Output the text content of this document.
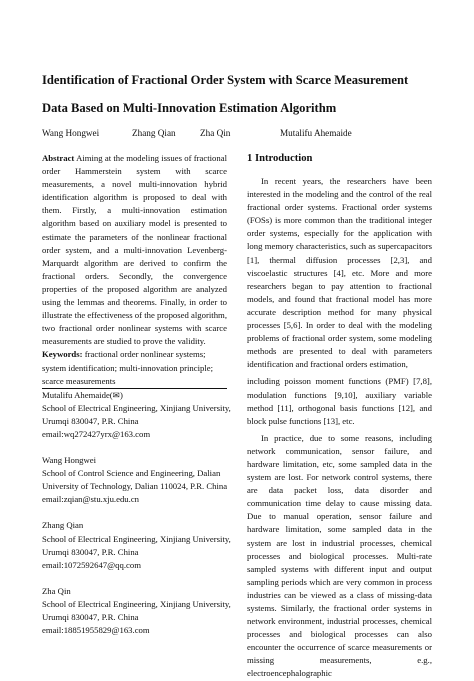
Identification of Fractional Order System with Scarce Measurement Data Based on Multi-Innovation Estimation Algorithm
Wang Hongwei	Zhang Qian	Zha Qin	Mutalifu Ahemaide

Abstract Aiming at the modeling issues of fractional order Hammerstein system with scarce measurements, a novel multi-innovation hybrid identification algorithm is proposed to deal with them. Firstly, a multi-innovation estimation algorithm based on auxiliary model is presented to estimate the parameters of the nonlinear fractional order system, and a multi-innovation Levenberg-Marquardt algorithm are derived to confirm the fractional orders. Secondly, the convergence properties of the proposed algorithm are analyzed using the lemmas and theorems. Finally, in order to illustrate the effectiveness of the proposed algorithm, two fractional order nonlinear systems with scarce measurements are studied to prove the validity.

Keywords: fractional order nonlinear systems; system identification; multi-innovation principle; scarce measurements
Mutalifu Ahemaide(✉)
School of Electrical Engineering, Xinjiang University,
Urumqi 830047, P.R. China
email:wq272427yrx@163.com
Wang Hongwei
School of Control Science and Engineering, Dalian
University of Technology, Dalian 110024, P.R. China
email:zqian@stu.xju.edu.cn
Zhang Qian
School of Electrical Engineering, Xinjiang University,
Urumqi 830047, P.R. China
email:1072592647@qq.com
Zha Qin
School of Electrical Engineering, Xinjiang University,
Urumqi 830047, P.R. China
email:18851955829@163.com
1 Introduction

In recent years, the researchers have been interested in the modeling and the control of the real fractional order systems. Fractional order systems (FOSs) is more common than the traditional integer order systems, especially for the application with long memory characteristics, such as supercapacitors [1], thermal diffusion processes [2,3], and viscoelastic structures [4], etc. More and more researchers began to pay attention to fractional models, and found that fractional model has more accurate description method for many physical processes [5,6]. In order to deal with the modeling problems of fractional order system, some modeling methods are presented to deal with parameters identification and fractional orders estimation,

including poisson moment functions (PMF) [7,8], modulation functions [9,10], auxiliary variable method [11], orthogonal basis functions [12], and block pulse functions [13], etc.

In practice, due to some reasons, including network communication, sensor failure, and hardware limitation, etc, some sampled data in the system are lost. For network control systems, there are data packet loss, data disorder and communication time delay to cause missing data. Due to manual operation, sensor failure and hardware limitation, some sampled data in the system are lost in industrial processes, chemical processes and biological processes. Multi-rate sampled systems with different input and output sampling periods which are very common in process industries can be viewed as a class of missing-data systems. Similarly, the fractional order systems in network environment, industrial processes, chemical processes and biological processes can also encounter the occurrence of scarce measurements or missing measurements, e.g., electroencephalographic
